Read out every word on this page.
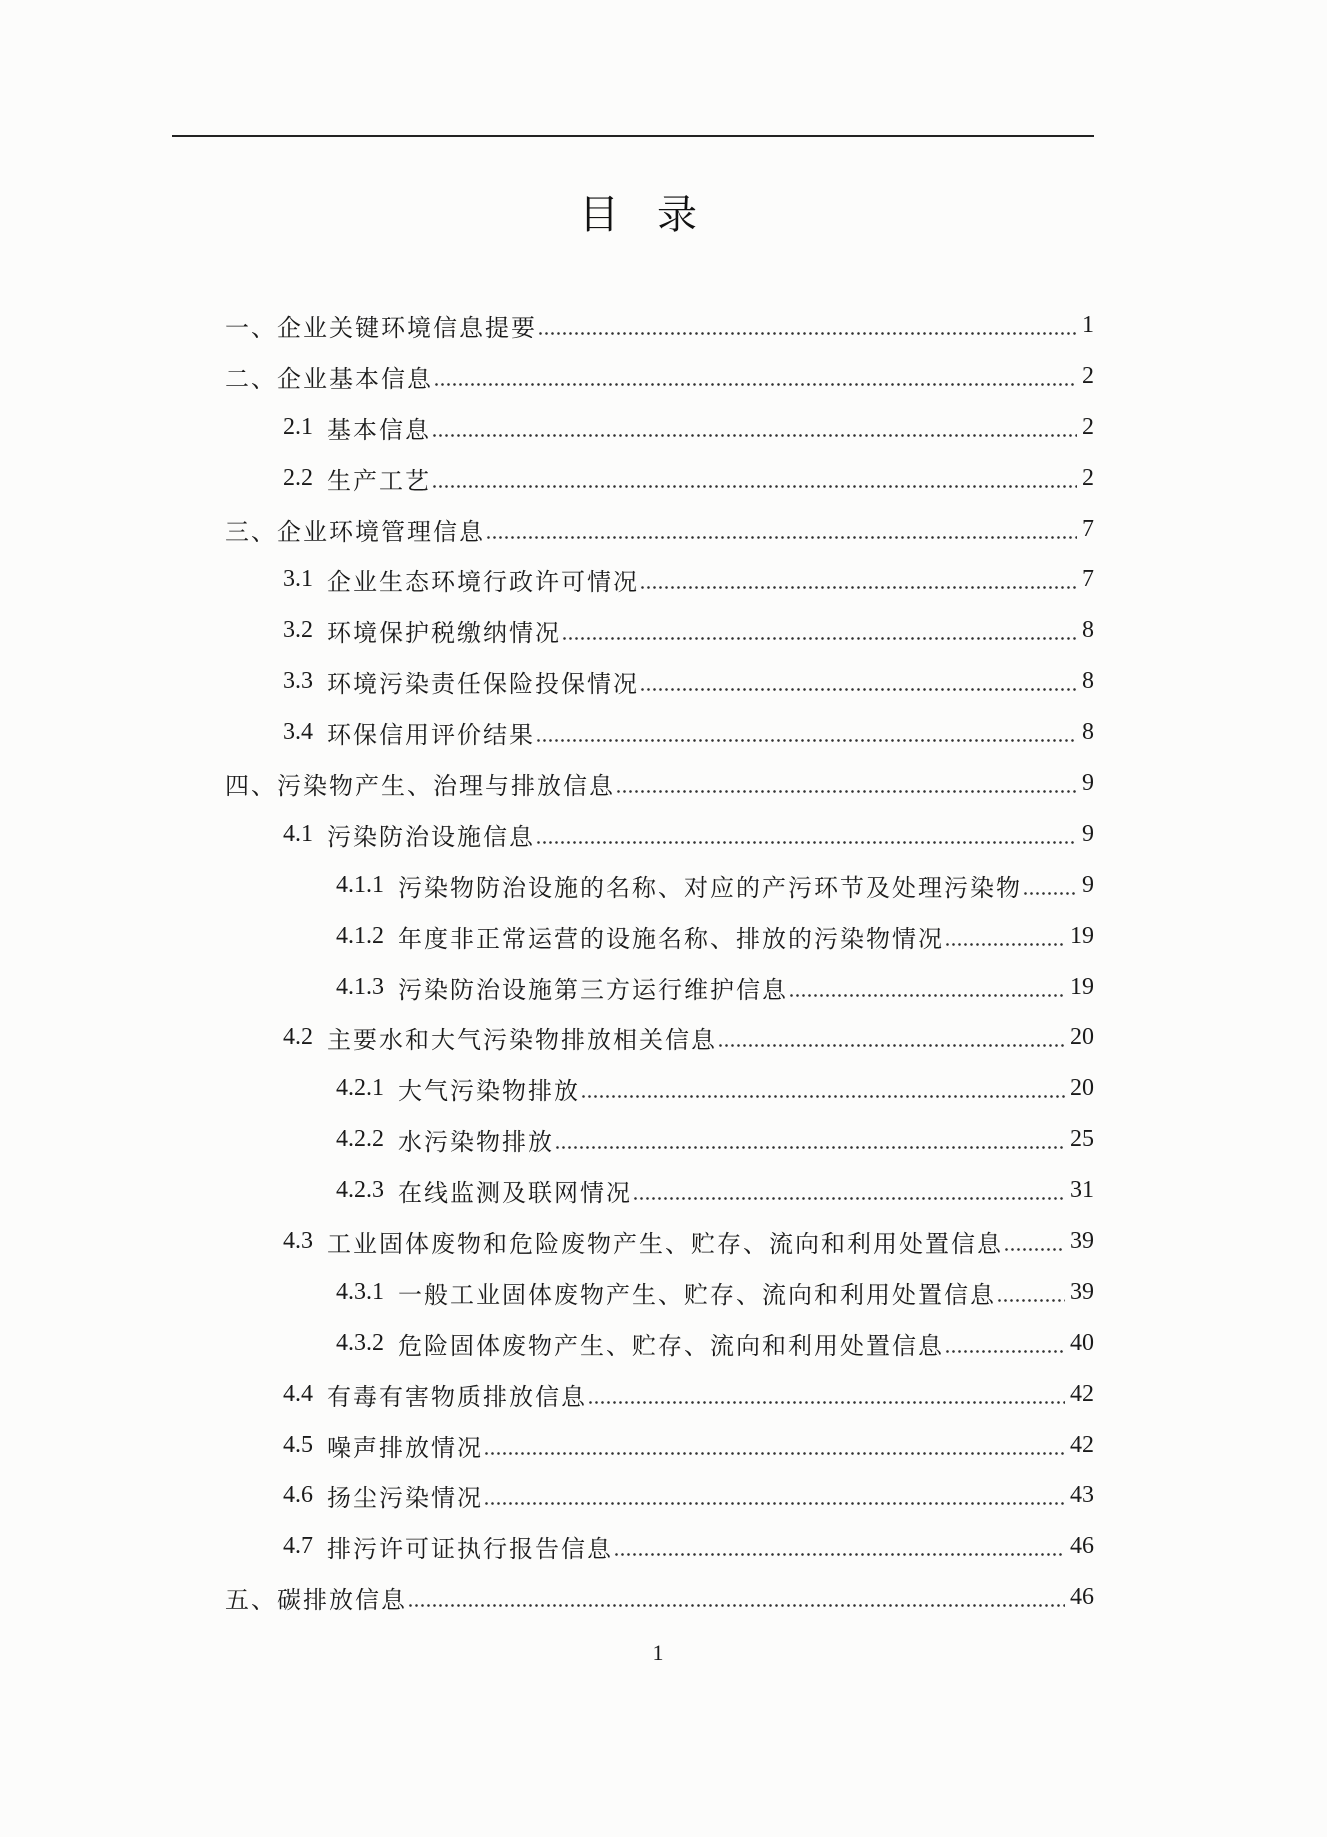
目 录
一、 企业关键环境信息提要	1
二、 企业基本信息	2
2.1 基本信息	2
2.2 生产工艺	2
三、 企业环境管理信息	7
3.1 企业生态环境行政许可情况	7
3.2 环境保护税缴纳情况	8
3.3 环境污染责任保险投保情况	8
3.4 环保信用评价结果	8
四、 污染物产生、治理与排放信息	9
4.1 污染防治设施信息	9
4.1.1 污染物防治设施的名称、对应的产污环节及处理污染物	9
4.1.2 年度非正常运营的设施名称、排放的污染物情况	19
4.1.3 污染防治设施第三方运行维护信息	19
4.2 主要水和大气污染物排放相关信息	20
4.2.1 大气污染物排放	20
4.2.2 水污染物排放	25
4.2.3 在线监测及联网情况	31
4.3 工业固体废物和危险废物产生、贮存、流向和利用处置信息	39
4.3.1 一般工业固体废物产生、贮存、流向和利用处置信息	39
4.3.2 危险固体废物产生、贮存、流向和利用处置信息	40
4.4 有毒有害物质排放信息	42
4.5 噪声排放情况	42
4.6 扬尘污染情况	43
4.7 排污许可证执行报告信息	46
五、 碳排放信息	46
1
